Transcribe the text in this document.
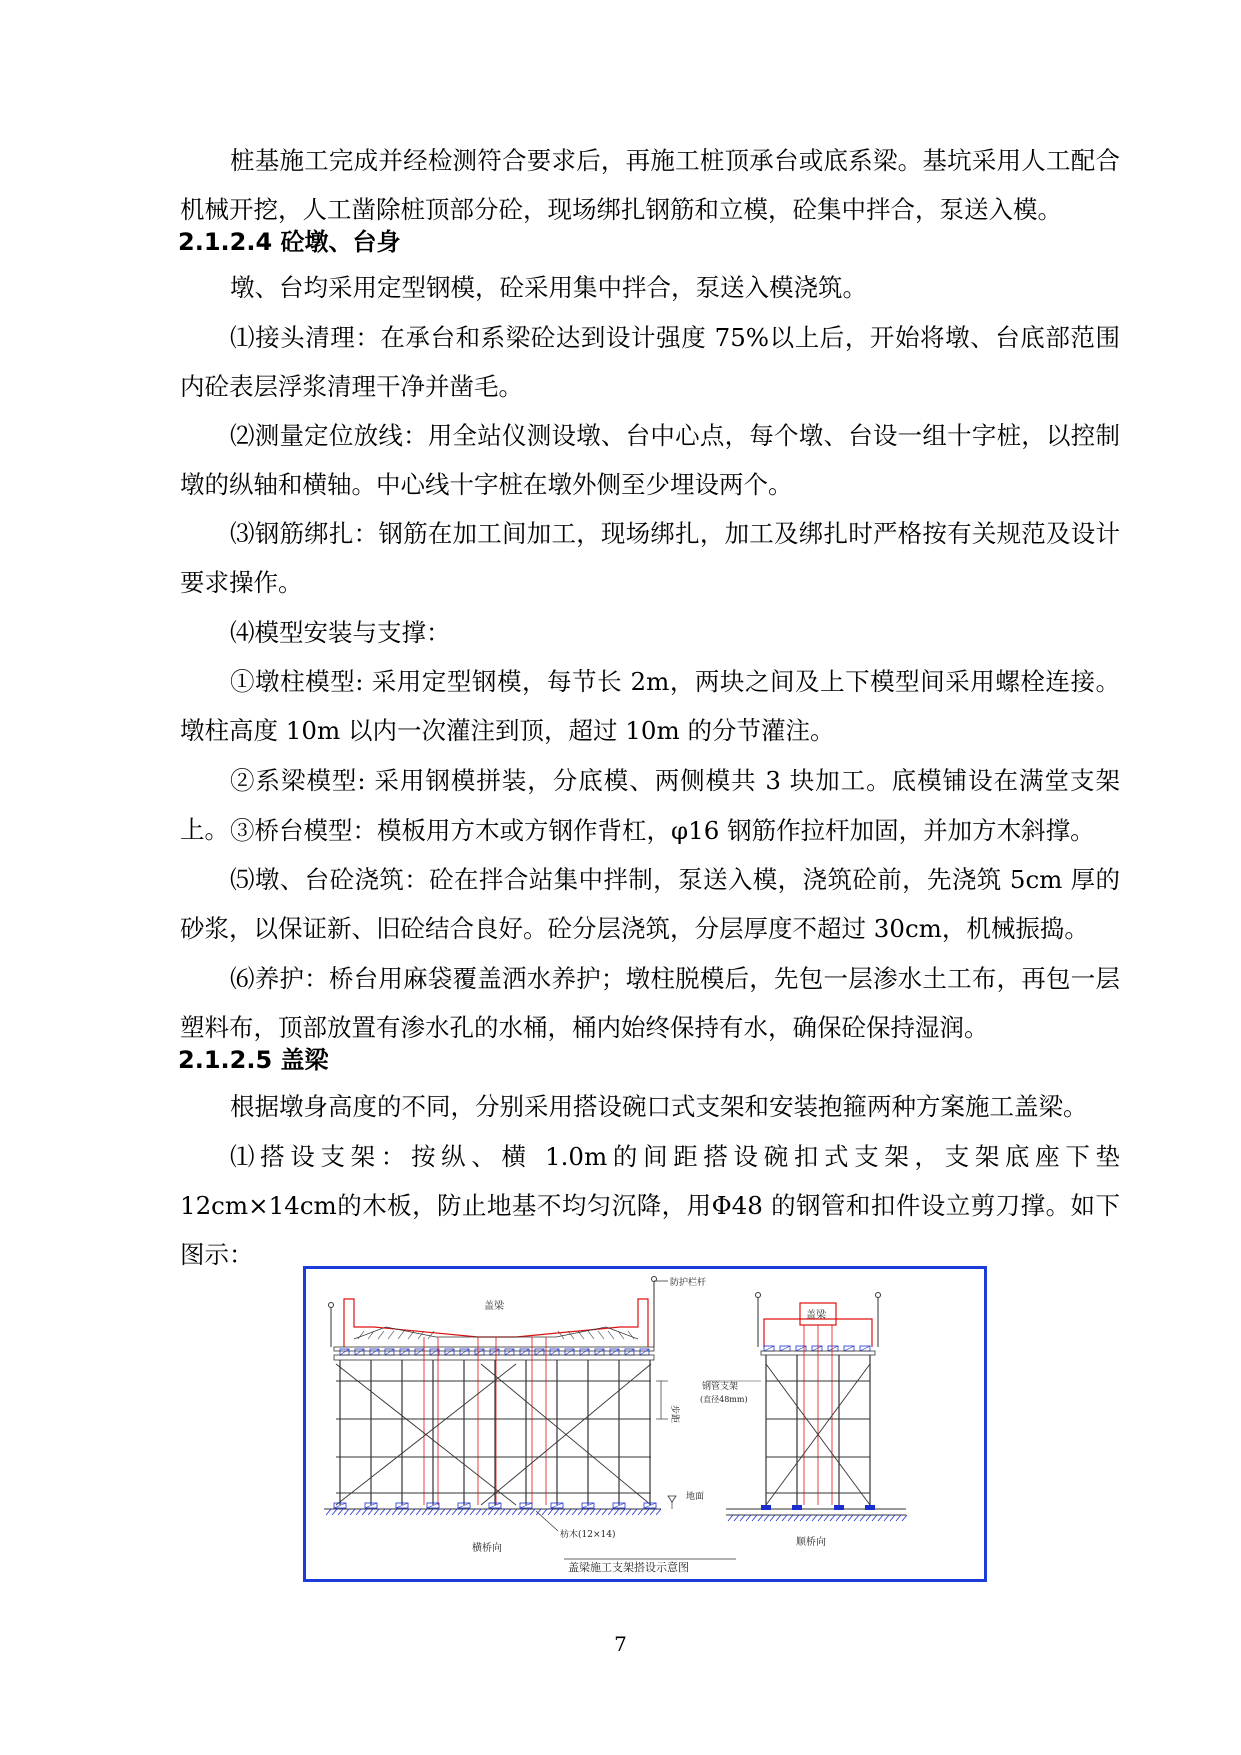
桩基施工完成并经检测符合要求后，再施工桩顶承台或底系梁。基坑采用人工配合机械开挖，人工凿除桩顶部分砼，现场绑扎钢筋和立模，砼集中拌合，泵送入模。

2.1.2.4 砼墩、台身

墩、台均采用定型钢模，砼采用集中拌合，泵送入模浇筑。

⑴接头清理：在承台和系梁砼达到设计强度 75%以上后，开始将墩、台底部范围内砼表层浮浆清理干净并凿毛。

⑵测量定位放线：用全站仪测设墩、台中心点，每个墩、台设一组十字桩，以控制墩的纵轴和横轴。中心线十字桩在墩外侧至少埋设两个。

⑶钢筋绑扎：钢筋在加工间加工，现场绑扎，加工及绑扎时严格按有关规范及设计要求操作。

⑷模型安装与支撑：

①墩柱模型: 采用定型钢模，每节长 2m，两块之间及上下模型间采用螺栓连接。墩柱高度 10m 以内一次灌注到顶，超过 10m 的分节灌注。

②系梁模型: 采用钢模拼装，分底模、两侧模共 3 块加工。底模铺设在满堂支架上。 ③桥台模型：模板用方木或方钢作背杠，φ16 钢筋作拉杆加固，并加方木斜撑。

⑸墩、台砼浇筑：砼在拌合站集中拌制，泵送入模，浇筑砼前，先浇筑 5cm 厚的砂浆，以保证新、旧砼结合良好。砼分层浇筑，分层厚度不超过 30cm，机械振捣。

⑹养护：桥台用麻袋覆盖洒水养护；墩柱脱模后，先包一层渗水土工布，再包一层塑料布，顶部放置有渗水孔的水桶，桶内始终保持有水，确保砼保持湿润。

2.1.2.5 盖梁

根据墩身高度的不同，分别采用搭设碗口式支架和安装抱箍两种方案施工盖梁。

⑴搭设支架：按纵、横 1.0m的间距搭设碗扣式支架，支架底座下垫 12cm×14cm的木板，防止地基不均匀沉降，用Φ48 的钢管和扣件设立剪刀撑。如下图示：

防护栏杆
盖梁
盖梁
步距
钢管支架
(直径48mm)
地面
枋木(12×14)
横桥向
顺桥向
盖梁施工支架搭设示意图
7
